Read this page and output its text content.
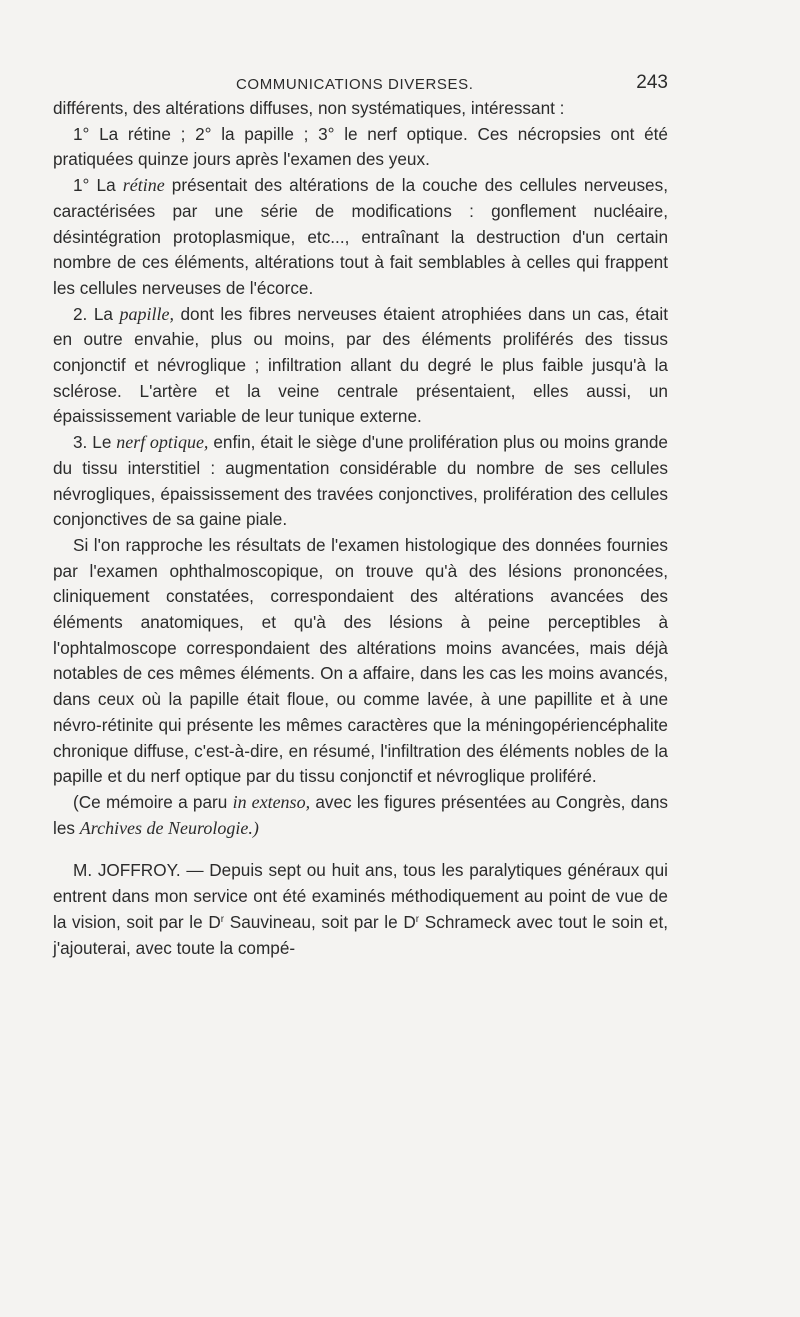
COMMUNICATIONS DIVERSES.	243

différents, des altérations diffuses, non systématiques, intéressant :

1° La rétine ; 2° la papille ; 3° le nerf optique. Ces nécropsies ont été pratiquées quinze jours après l'examen des yeux.

1° La rétine présentait des altérations de la couche des cellules nerveuses, caractérisées par une série de modifications : gonflement nucléaire, désintégration protoplasmique, etc..., entraînant la destruction d'un certain nombre de ces éléments, altérations tout à fait semblables à celles qui frappent les cellules nerveuses de l'écorce.

2. La papille, dont les fibres nerveuses étaient atrophiées dans un cas, était en outre envahie, plus ou moins, par des éléments proliférés des tissus conjonctif et névroglique ; infiltration allant du degré le plus faible jusqu'à la sclérose. L'artère et la veine centrale présentaient, elles aussi, un épaississement variable de leur tunique externe.

3. Le nerf optique, enfin, était le siège d'une prolifération plus ou moins grande du tissu interstitiel : augmentation considérable du nombre de ses cellules névrogliques, épaississement des travées conjonctives, prolifération des cellules conjonctives de sa gaine piale.

Si l'on rapproche les résultats de l'examen histologique des données fournies par l'examen ophthalmoscopique, on trouve qu'à des lésions prononcées, cliniquement constatées, correspondaient des altérations avancées des éléments anatomiques, et qu'à des lésions à peine perceptibles à l'ophtalmoscope correspondaient des altérations moins avancées, mais déjà notables de ces mêmes éléments. On a affaire, dans les cas les moins avancés, dans ceux où la papille était floue, ou comme lavée, à une papillite et à une névro-rétinite qui présente les mêmes caractères que la méningopériencéphalite chronique diffuse, c'est-à-dire, en résumé, l'infiltration des éléments nobles de la papille et du nerf optique par du tissu conjonctif et névroglique proliféré.

(Ce mémoire a paru in extenso, avec les figures présentées au Congrès, dans les Archives de Neurologie.)

M. JOFFROY. — Depuis sept ou huit ans, tous les paralytiques généraux qui entrent dans mon service ont été examinés méthodiquement au point de vue de la vision, soit par le $D^r$ Sauvineau, soit par le $D^r$ Schrameck avec tout le soin et, j'ajouterai, avec toute la compé-
